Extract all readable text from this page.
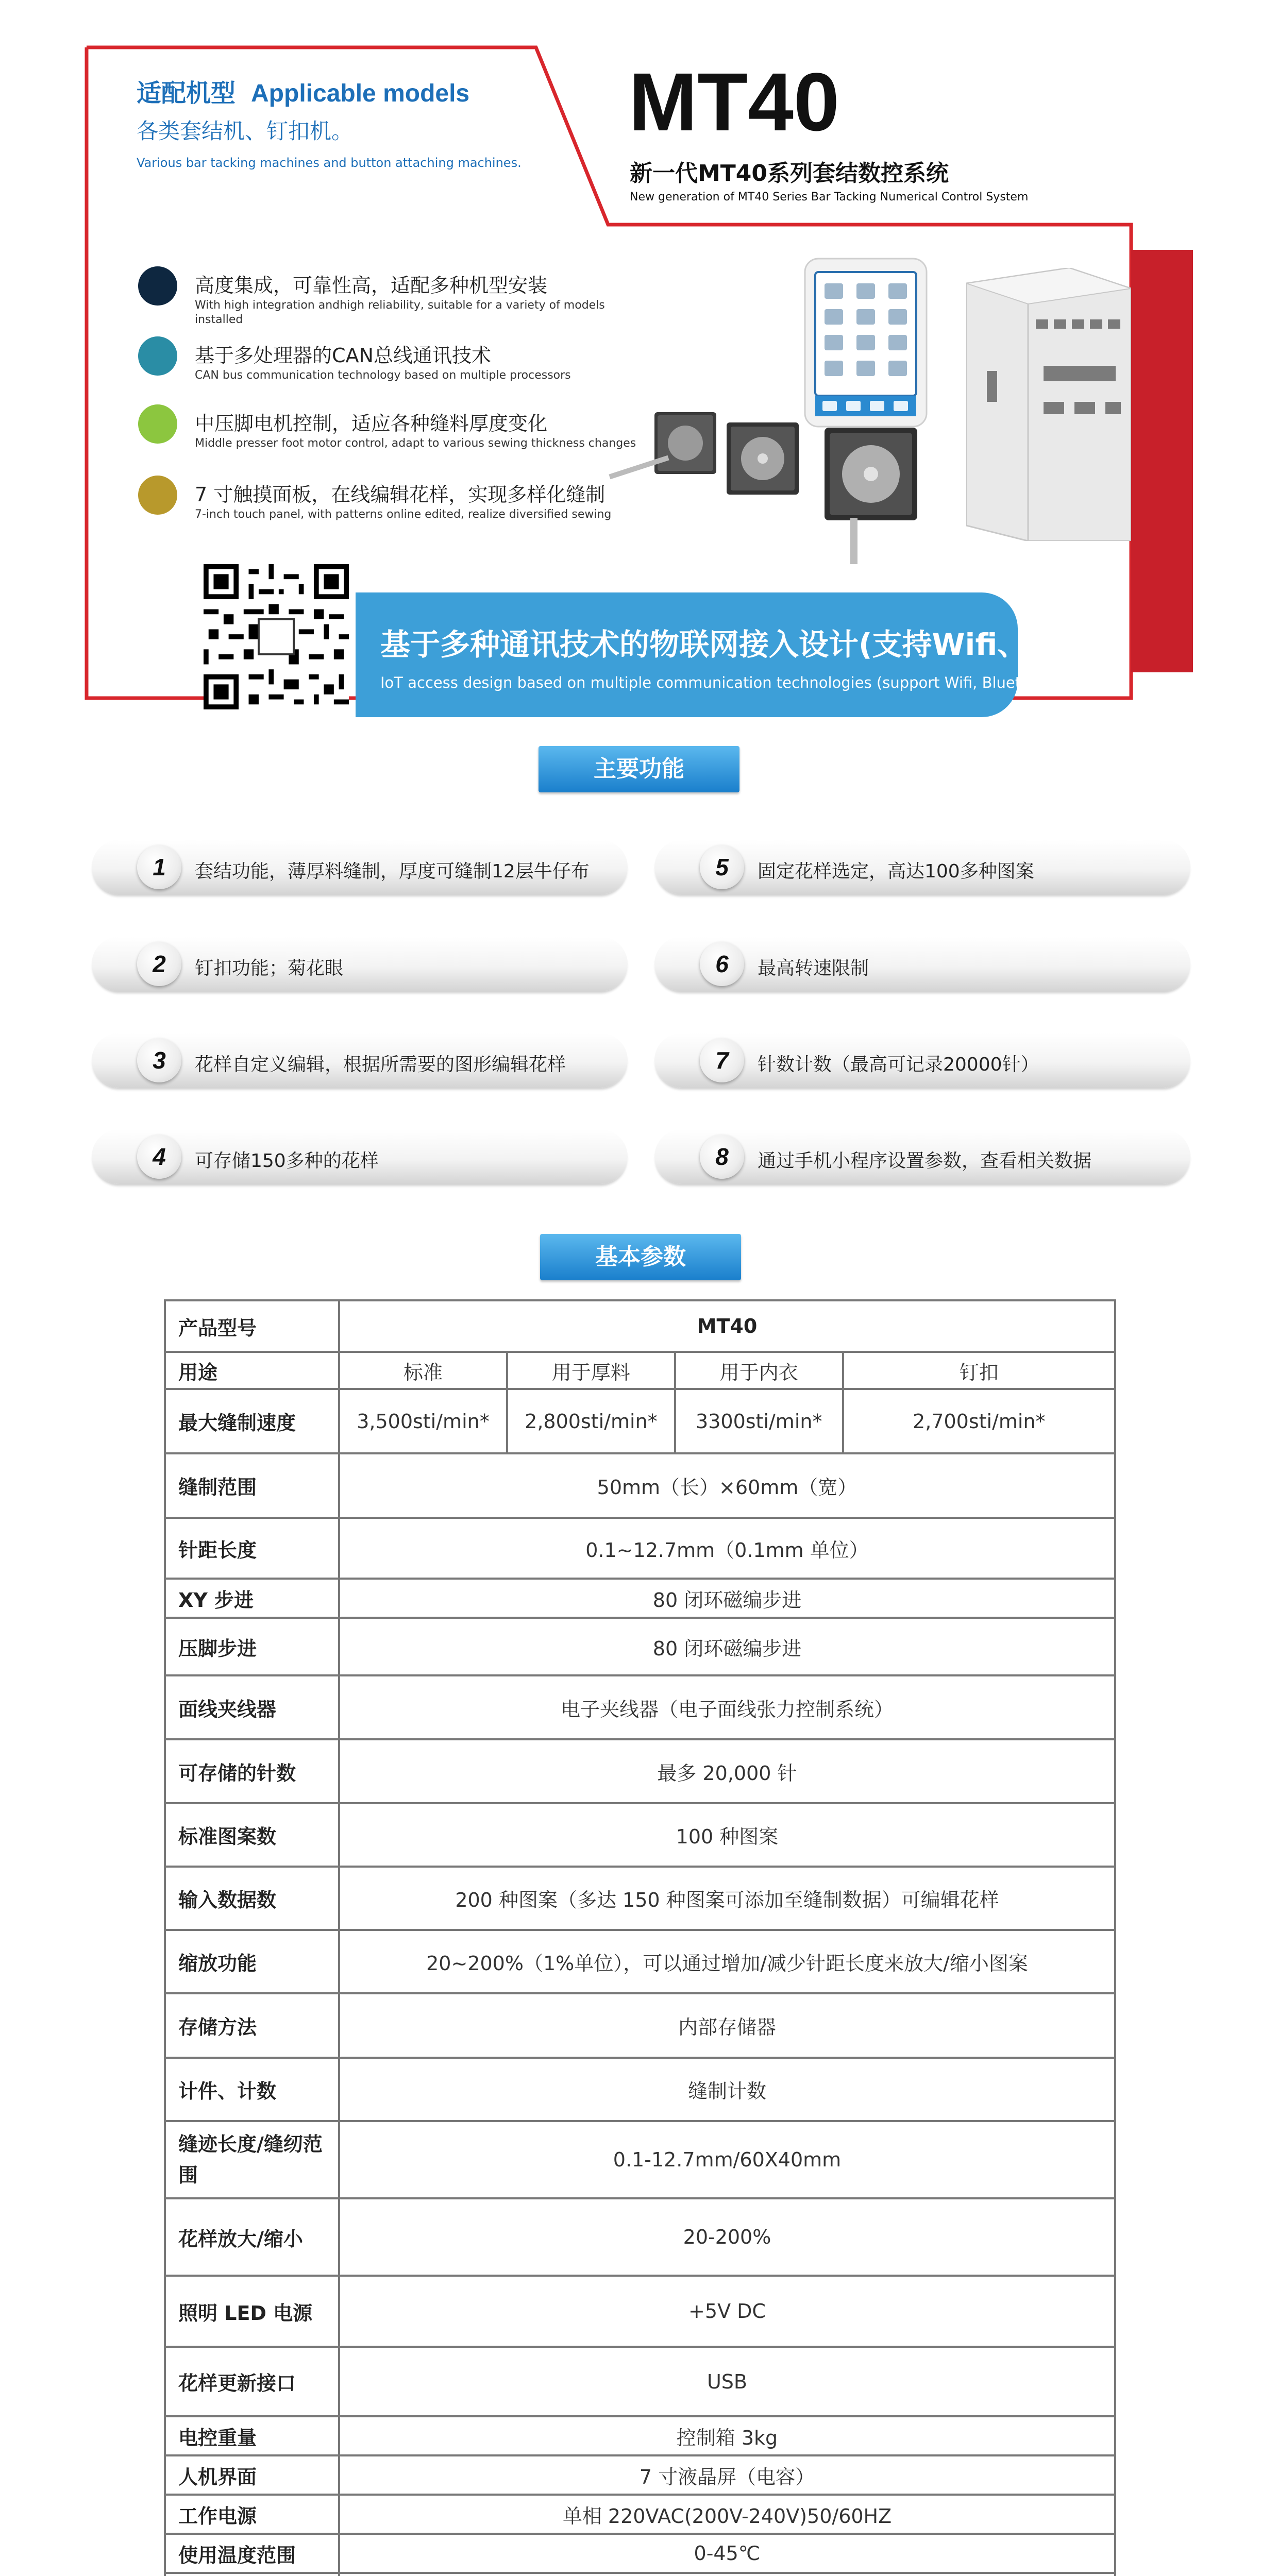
适配机型 Applicable models
各类套结机、钉扣机。
Various bar tacking machines and button attaching machines.
MT40
新一代MT40系列套结数控系统
New generation of MT40 Series Bar Tacking Numerical Control System
高度集成，可靠性高，适配多种机型安装
With high integration andhigh reliability, suitable for a variety of models installed
基于多处理器的CAN总线通讯技术
CAN bus communication technology based on multiple processors
中压脚电机控制，适应各种缝料厚度变化
Middle presser foot motor control, adapt to various sewing thickness changes
7 寸触摸面板，在线编辑花样，实现多样化缝制
7-inch touch panel, with patterns online edited, realize diversified sewing
基于多种通讯技术的物联网接入设计(支持Wifi、蓝牙 )
IoT access design based on multiple communication technologies (support Wifi, Bluetooth)
主要功能
1	套结功能，薄厚料缝制，厚度可缝制12层牛仔布
2	钉扣功能；菊花眼
3	花样自定义编辑，根据所需要的图形编辑花样
4	可存储150多种的花样
5	固定花样选定，高达100多种图案
6	最高转速限制
7	针数计数（最高可记录20000针）
8	通过手机小程序设置参数，查看相关数据
基本参数
产品型号	MT40			
用途	标准	用于厚料	用于内衣	钉扣
最大缝制速度	3,500sti/min*	2,800sti/min*	3300sti/min*	2,700sti/min*
缝制范围	50mm（长）×60mm（宽）			
针距长度	0.1~12.7mm（0.1mm 单位）			
XY 步进	80 闭环磁编步进			
压脚步进	80 闭环磁编步进			
面线夹线器	电子夹线器（电子面线张力控制系统）			
可存储的针数	最多 20,000 针			
标准图案数	100 种图案			
输入数据数	200 种图案（多达 150 种图案可添加至缝制数据）可编辑花样			
缩放功能	20~200%（1%单位），可以通过增加/减少针距长度来放大/缩小图案			
存储方法	内部存储器			
计件、计数	缝制计数			
缝迹长度/缝纫范围	0.1-12.7mm/60X40mm			
花样放大/缩小	20-200%			
照明 LED 电源	+5V DC			
花样更新接口	USB			
电控重量	控制箱 3kg			
人机界面	7 寸液晶屏（电容）			
工作电源	单相 220VAC(200V-240V)50/60HZ			
使用温度范围	0-45℃			
